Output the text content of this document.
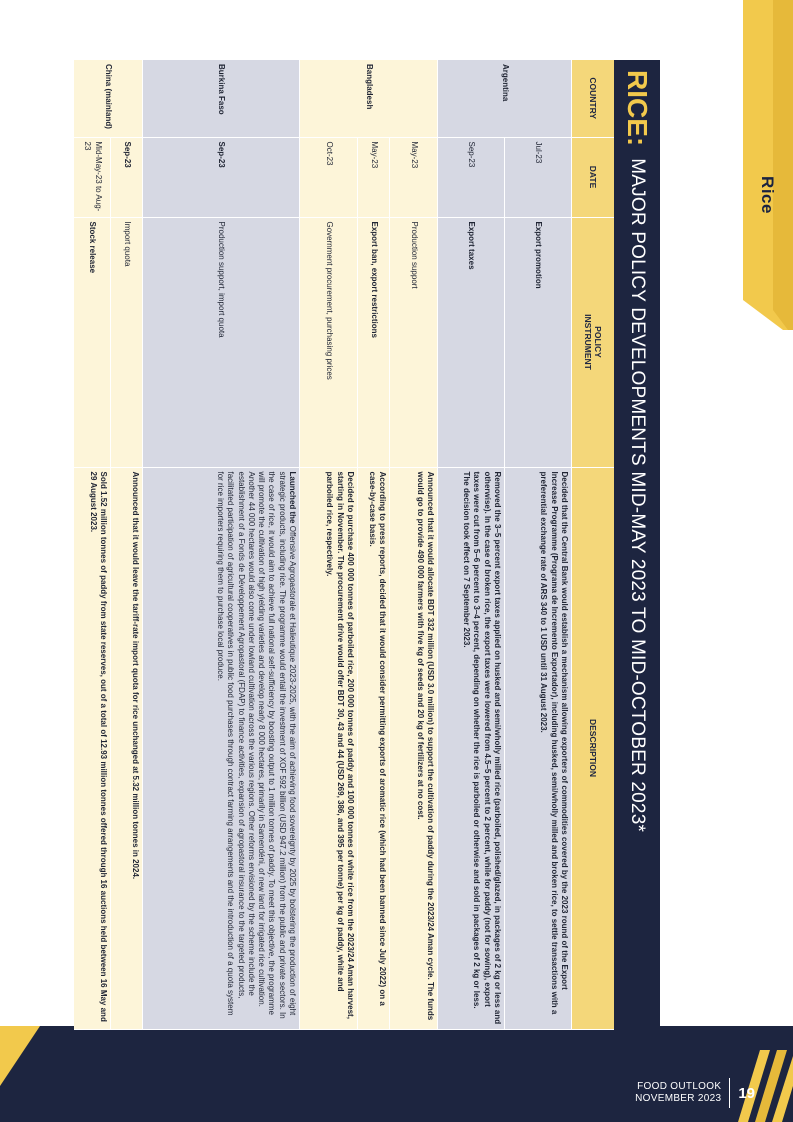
Rice
FOOD OUTLOOK
NOVEMBER 2023 19
RICE:
MAJOR POLICY DEVELOPMENTS MID-MAY 2023 TO MID-OCTOBER 2023*
COUNTRY	DATE	POLICY INSTRUMENT	DESCRIPTION
Argentina	Jul-23	Export promotion	Decided that the Central Bank would establish a mechanism allowing exporters of commodities covered by the 2023 round of the Export Increase Programme (Programa de Incremento Exportador), including husked, semi/wholly milled and broken rice, to settle transactions with a preferential exchange rate of ARS 340 to 1 USD until 31 August 2023.
	Sep-23	Export taxes	Removed the 3–5 percent export taxes applied on husked and semi/wholly milled rice (parboiled, polished/glazed, in packages of 2 kg or less and otherwise). In the case of broken rice, the export taxes were lowered from 4.5–5 percent to 2 percent, while for paddy (not for sowing), export taxes were cut from 5–6 percent to 3–4 percent, depending on whether the rice is parboiled or otherwise and sold in packages of 2 kg or less. The decision took effect on 7 September 2023.
Bangladesh	May-23	Production support	Announced that it would allocate BDT 332 million (USD 3.0 million) to support the cultivation of paddy during the 2023/24 Aman cycle. The funds would go to provide 490 000 farmers with five kg of seeds and 20 kg of fertilizers at no cost.
	May-23	Export ban, export restrictions	According to press reports, decided that it would consider permitting exports of aromatic rice (which had been banned since July 2022) on a case-by-case basis.
	Oct-23	Government procurement, purchasing prices	Decided to purchase 400 000 tonnes of parboiled rice, 200 000 tonnes of paddy and 100 000 tonnes of white rice from the 2023/24 Aman harvest, starting in November. The procurement drive would offer BDT 30, 43 and 44 (USD 269, 386, and 395 per tonne) per kg of paddy, white and parboiled rice, respectively.
Burkina Faso	Sep-23	Production support, import quota	Launched the Offensive Agropastorale et Halieutique 2023-2025, with the aim of achieving food sovereignty by 2025 by bolstering the production of eight strategic products, including rice. The programme would entail the investment of XOF 592 billion (USD 947.2 million) from the public and private sectors. In the case of rice, it would aim to achieve full national self-sufficiency by boosting output to 1 million tonnes of paddy. To meet this objective, the programme will promote the cultivation of high yielding varieties and develop nearly 8 000 hectares, primarily in Samendéni, of new land for irrigated rice cultivation. Another 44 000 hectares would also come under lowland cultivation across the various regions. Other reforms envisioned by the scheme include the establishment of a Fonds de Développement Agropastoral (FDAP) to finance activities, expansion of agropastoral insurance to the targeted products, facilitated participation of agricultural cooperatives in public food purchases through contract farming arrangements and the introduction of a quota system for rice importers requiring them to purchase local produce.
China (mainland)	Sep-23	Import quota	Announced that it would leave the tariff-rate import quota for rice unchanged at 5.32 million tonnes in 2024.
	Mid-May-23 to Aug-23	Stock release	Sold 1.52 million tonnes of paddy from state reserves, out of a total of 12.93 million tonnes offered through 16 auctions held between 16 May and 29 August 2023.
